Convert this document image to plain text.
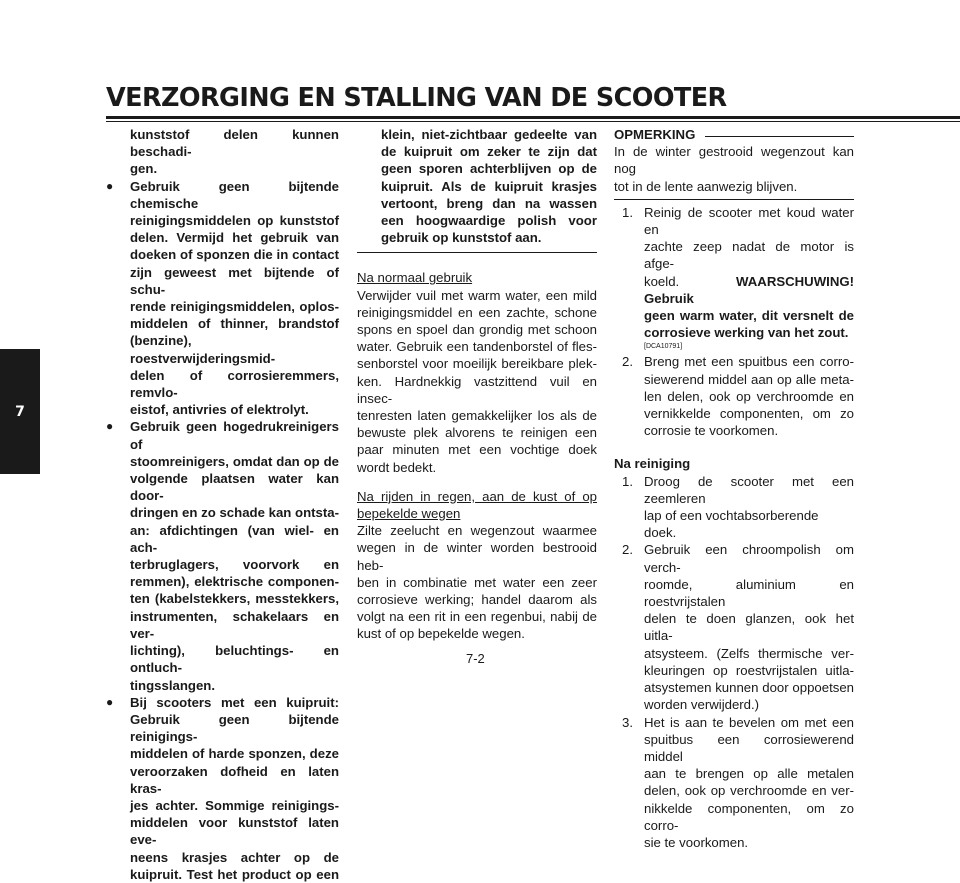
VERZORGING EN STALLING VAN DE SCOOTER
7
kunststof delen kunnen beschadi-
gen.
●	Gebruik geen bijtende chemische
reinigingsmiddelen op kunststof
delen. Vermijd het gebruik van
doeken of sponzen die in contact
zijn geweest met bijtende of schu-
rende reinigingsmiddelen, oplos-
middelen of thinner, brandstof
(benzine), roestverwijderingsmid-
delen of corrosieremmers, remvlo-
eistof, antivries of elektrolyt.
●	Gebruik geen hogedrukreinigers of
stoomreinigers, omdat dan op de
volgende plaatsen water kan door-
dringen en zo schade kan ontsta-
an: afdichtingen (van wiel- en ach-
terbruglagers, voorvork en
remmen), elektrische componen-
ten (kabelstekkers, messtekkers,
instrumenten, schakelaars en ver-
lichting), beluchtings- en ontluch-
tingsslangen.
●	Bij scooters met een kuipruit:
Gebruik geen bijtende reinigings-
middelen of harde sponzen, deze
veroorzaken dofheid en laten kras-
jes achter. Sommige reinigings-
middelen voor kunststof laten eve-
neens krasjes achter op de
kuipruit. Test het product op een
klein, niet-zichtbaar gedeelte van
de kuipruit om zeker te zijn dat
geen sporen achterblijven op de
kuipruit. Als de kuipruit krasjes
vertoont, breng dan na wassen
een hoogwaardige polish voor
gebruik op kunststof aan.
Na normaal gebruik
Verwijder vuil met warm water, een mild
reinigingsmiddel en een zachte, schone
spons en spoel dan grondig met schoon
water. Gebruik een tandenborstel of fles-
senborstel voor moeilijk bereikbare plek-
ken. Hardnekkig vastzittend vuil en insec-
tenresten laten gemakkelijker los als de
bewuste plek alvorens te reinigen een
paar minuten met een vochtige doek
wordt bedekt.
Na rijden in regen, aan de kust of op
bepekelde wegen
Zilte zeelucht en wegenzout waarmee
wegen in de winter worden bestrooid heb-
ben in combinatie met water een zeer
corrosieve werking; handel daarom als
volgt na een rit in een regenbui, nabij de
kust of op bepekelde wegen.
OPMERKING
In de winter gestrooid wegenzout kan nog
tot in de lente aanwezig blijven.
1. Reinig de scooter met koud water en
zachte zeep nadat de motor is afge-
koeld. WAARSCHUWING! Gebruik
geen warm water, dit versnelt de
corrosieve werking van het zout.
[DCA10791]
2. Breng met een spuitbus een corro-
siewerend middel aan op alle meta-
len delen, ook op verchroomde en
vernikkelde componenten, om zo
corrosie te voorkomen.
Na reiniging
1. Droog de scooter met een zeemleren
lap of een vochtabsorberende doek.
2. Gebruik een chroompolish om verch-
roomde, aluminium en roestvrijstalen
delen te doen glanzen, ook het uitla-
atsysteem. (Zelfs thermische ver-
kleuringen op roestvrijstalen uitla-
atsystemen kunnen door oppoetsen
worden verwijderd.)
3. Het is aan te bevelen om met een
spuitbus een corrosiewerend middel
aan te brengen op alle metalen
delen, ook op verchroomde en ver-
nikkelde componenten, om zo corro-
sie te voorkomen.
7-2
